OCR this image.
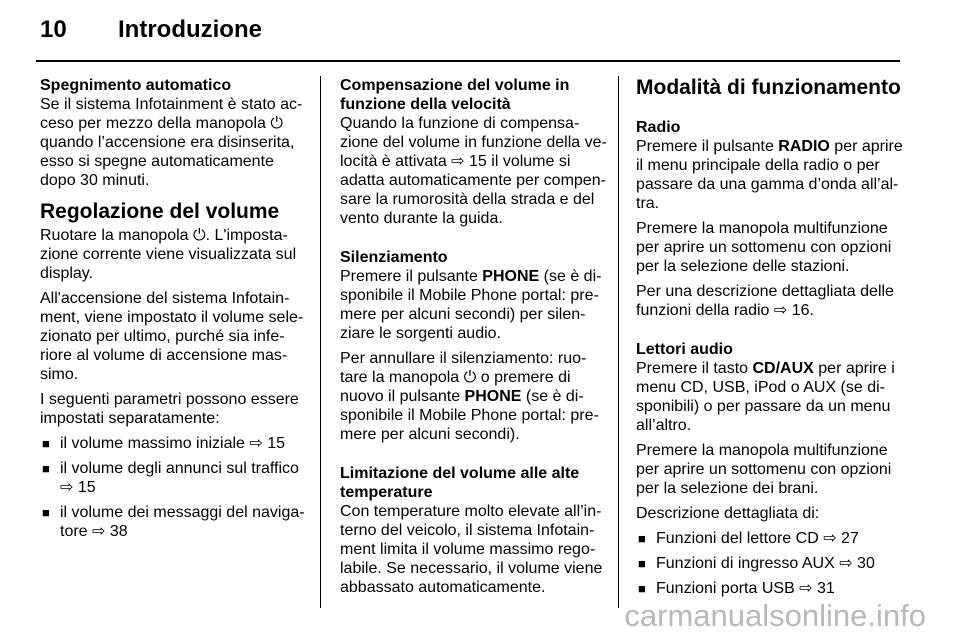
10 Introduzione

Spegnimento automatico

Se il sistema Infotainment è stato ac-ceso per mezzo della manopola ⏻ quando l’accensione era disinserita, esso si spegne automaticamente dopo 30 minuti.

Regolazione del volume

Ruotare la manopola ⏻. L'imposta-zione corrente viene visualizzata sul display.

All'accensione del sistema Infotain-ment, viene impostato il volume sele-zionato per ultimo, purché sia infe-riore al volume di accensione mas-simo.

I seguenti parametri possono essere impostati separatamente:

■ il volume massimo iniziale ⇨ 15
■ il volume degli annunci sul traffico ⇨ 15
■ il volume dei messaggi del naviga-tore ⇨ 38

Compensazione del volume in funzione della velocità

Quando la funzione di compensa-zione del volume in funzione della ve-locità è attivata ⇨ 15 il volume si adatta automaticamente per compen-sare la rumorosità della strada e del vento durante la guida.

Silenziamento

Premere il pulsante PHONE (se è di-sponibile il Mobile Phone portal: pre-mere per alcuni secondi) per silen-ziare le sorgenti audio.

Per annullare il silenziamento: ruo-tare la manopola ⏻ o premere di nuovo il pulsante PHONE (se è di-sponibile il Mobile Phone portal: pre-mere per alcuni secondi).

Limitazione del volume alle alte temperature

Con temperature molto elevate all’in-terno del veicolo, il sistema Infotain-ment limita il volume massimo rego-labile. Se necessario, il volume viene abbassato automaticamente.

Modalità di funzionamento

Radio

Premere il pulsante RADIO per aprire il menu principale della radio o per passare da una gamma d’onda all’al-tra.

Premere la manopola multifunzione per aprire un sottomenu con opzioni per la selezione delle stazioni.

Per una descrizione dettagliata delle funzioni della radio ⇨ 16.

Lettori audio

Premere il tasto CD/AUX per aprire i menu CD, USB, iPod o AUX (se di-sponibili) o per passare da un menu all’altro.

Premere la manopola multifunzione per aprire un sottomenu con opzioni per la selezione dei brani.

Descrizione dettagliata di:

■ Funzioni del lettore CD ⇨ 27
■ Funzioni di ingresso AUX ⇨ 30
■ Funzioni porta USB ⇨ 31
carmanualsonline.info
